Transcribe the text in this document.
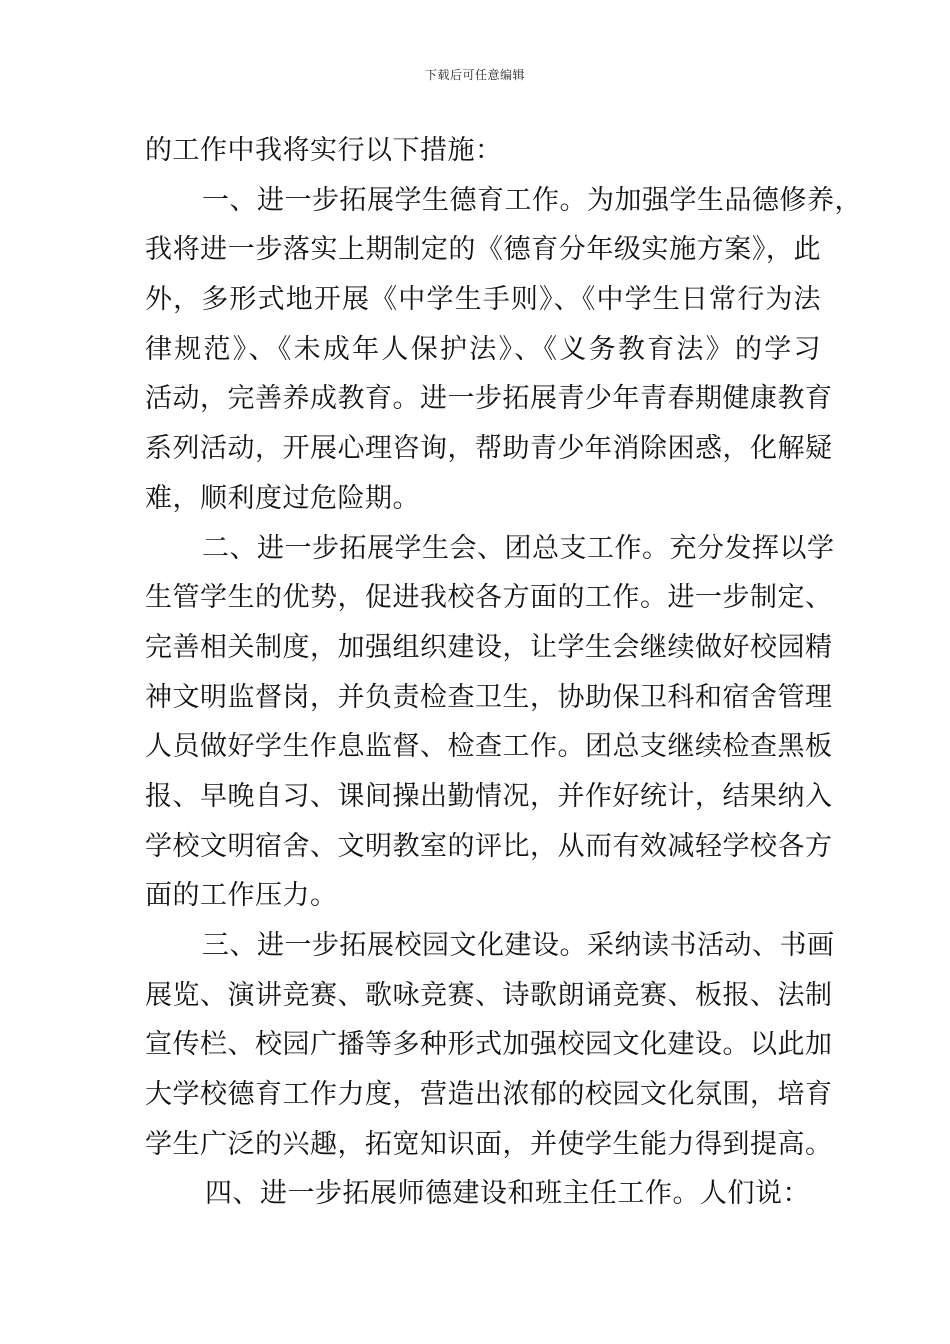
下载后可任意编辑
的工作中我将实行以下措施：
一、进一步拓展学生德育工作。为加强学生品德修养，
我将进一步落实上期制定的《德育分年级实施方案》，此
外，多形式地开展《中学生手则》、《中学生日常行为法
律规范》、《未成年人保护法》、《义务教育法》的学习
活动，完善养成教育。进一步拓展青少年青春期健康教育
系列活动，开展心理咨询，帮助青少年消除困惑，化解疑
难，顺利度过危险期。
二、进一步拓展学生会、团总支工作。充分发挥以学
生管学生的优势，促进我校各方面的工作。进一步制定、
完善相关制度，加强组织建设，让学生会继续做好校园精
神文明监督岗，并负责检查卫生，协助保卫科和宿舍管理
人员做好学生作息监督、检查工作。团总支继续检查黑板
报、早晚自习、课间操出勤情况，并作好统计，结果纳入
学校文明宿舍、文明教室的评比，从而有效减轻学校各方
面的工作压力。
三、进一步拓展校园文化建设。采纳读书活动、书画
展览、演讲竞赛、歌咏竞赛、诗歌朗诵竞赛、板报、法制
宣传栏、校园广播等多种形式加强校园文化建设。以此加
大学校德育工作力度，营造出浓郁的校园文化氛围，培育
学生广泛的兴趣，拓宽知识面，并使学生能力得到提高。
四、进一步拓展师德建设和班主任工作。人们说：
